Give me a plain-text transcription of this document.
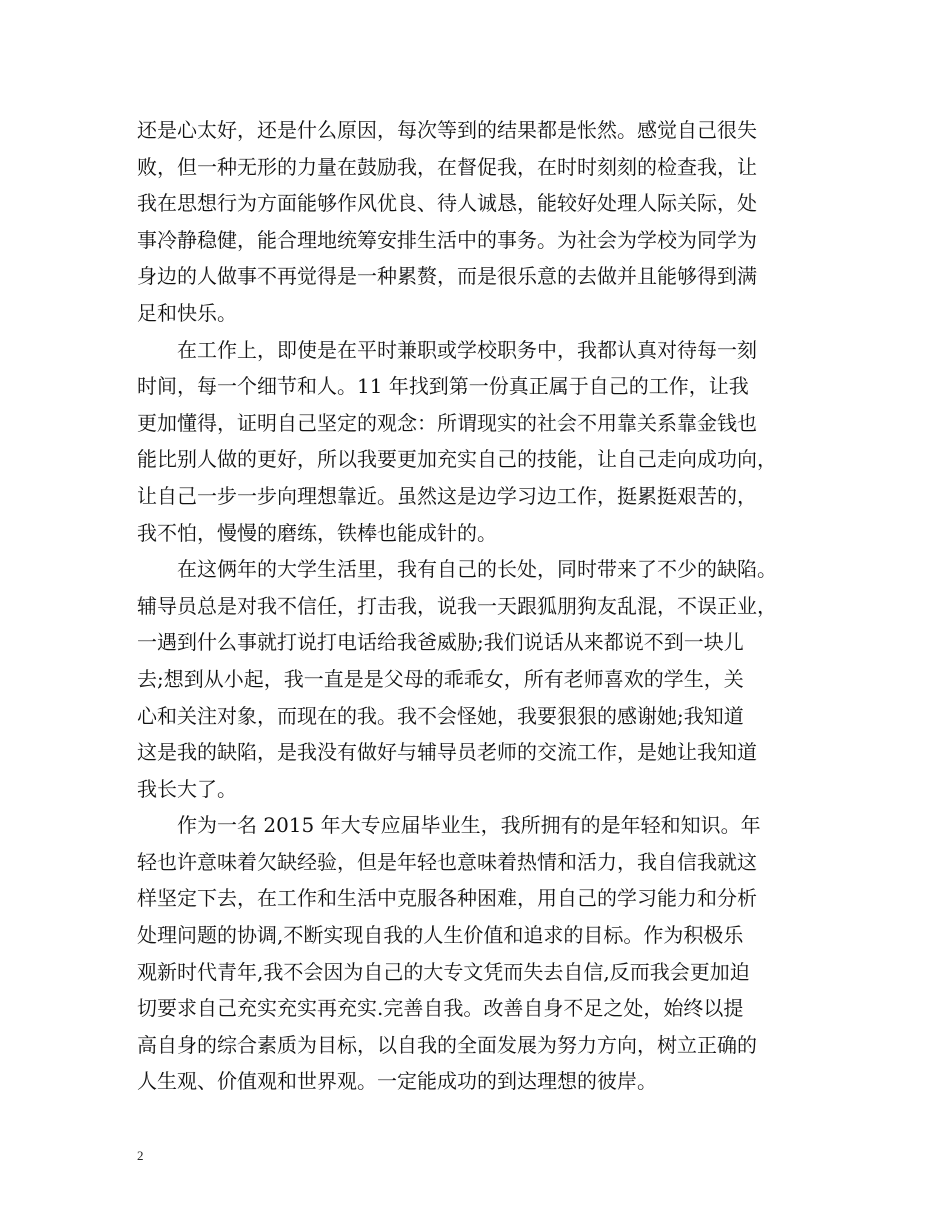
还是心太好，还是什么原因，每次等到的结果都是怅然。感觉自己很失
败，但一种无形的力量在鼓励我，在督促我，在时时刻刻的检查我，让
我在思想行为方面能够作风优良、待人诚恳，能较好处理人际关际，处
事冷静稳健，能合理地统筹安排生活中的事务。为社会为学校为同学为
身边的人做事不再觉得是一种累赘，而是很乐意的去做并且能够得到满
足和快乐。
　　在工作上，即使是在平时兼职或学校职务中，我都认真对待每一刻
时间，每一个细节和人。11 年找到第一份真正属于自己的工作，让我
更加懂得，证明自己坚定的观念：所谓现实的社会不用靠关系靠金钱也
能比别人做的更好，所以我要更加充实自己的技能，让自己走向成功向，
让自己一步一步向理想靠近。虽然这是边学习边工作，挺累挺艰苦的，
我不怕，慢慢的磨练，铁棒也能成针的。
　　在这俩年的大学生活里，我有自己的长处，同时带来了不少的缺陷。
辅导员总是对我不信任，打击我，说我一天跟狐朋狗友乱混，不误正业，
一遇到什么事就打说打电话给我爸威胁;我们说话从来都说不到一块儿
去;想到从小起，我一直是是父母的乖乖女，所有老师喜欢的学生，关
心和关注对象，而现在的我。我不会怪她，我要狠狠的感谢她;我知道
这是我的缺陷，是我没有做好与辅导员老师的交流工作，是她让我知道
我长大了。
　　作为一名 2015 年大专应届毕业生，我所拥有的是年轻和知识。年
轻也许意味着欠缺经验，但是年轻也意味着热情和活力，我自信我就这
样坚定下去，在工作和生活中克服各种困难，用自己的学习能力和分析
处理问题的协调,不断实现自我的人生价值和追求的目标。作为积极乐
观新时代青年,我不会因为自己的大专文凭而失去自信,反而我会更加迫
切要求自己充实充实再充实.完善自我。改善自身不足之处，始终以提
高自身的综合素质为目标，以自我的全面发展为努力方向，树立正确的
人生观、价值观和世界观。一定能成功的到达理想的彼岸。
2
